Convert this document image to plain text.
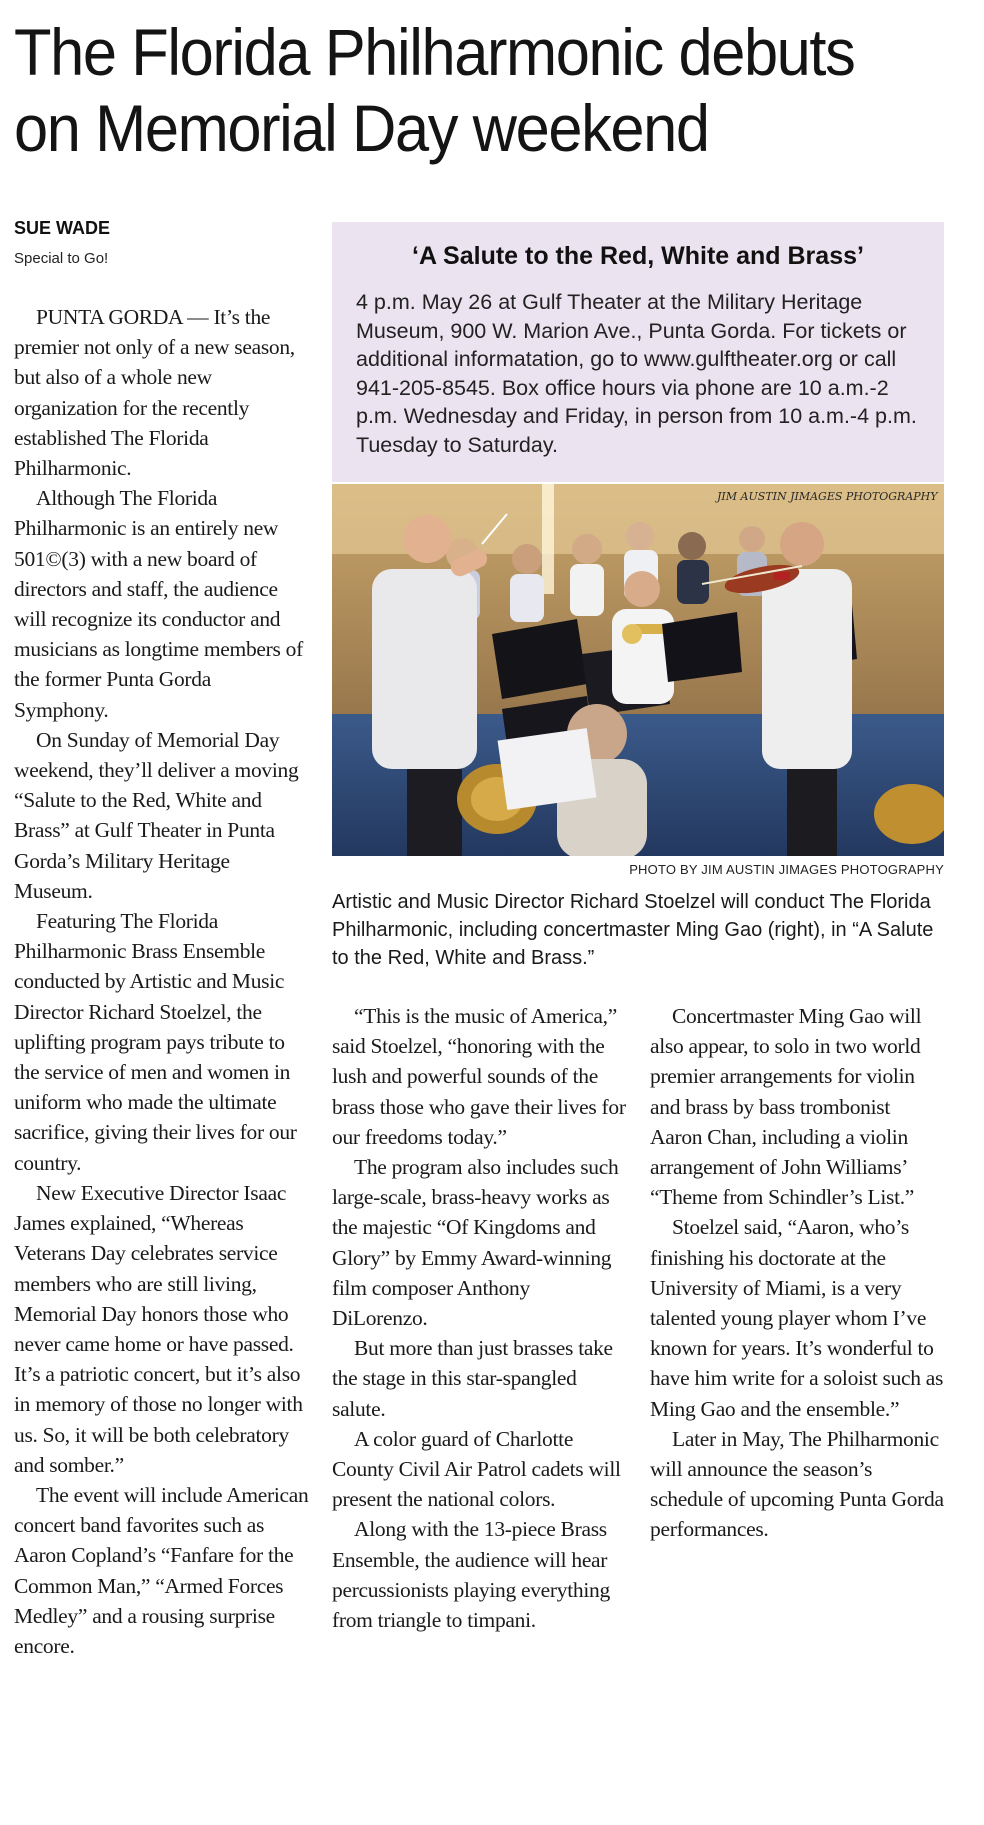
The Florida Philharmonic debuts on Memorial Day weekend
SUE WADE
Special to Go!

PUNTA GORDA — It’s the premier not only of a new season, but also of a whole new organization for the recently established The Florida Philharmonic.

Although The Florida Philharmonic is an entirely new 501©(3) with a new board of directors and staff, the audience will recognize its conductor and musicians as longtime members of the former Punta Gorda Symphony.

On Sunday of Memorial Day weekend, they’ll deliver a moving “Salute to the Red, White and Brass” at Gulf Theater in Punta Gorda’s Military Heritage Museum.

Featuring The Florida Philharmonic Brass Ensemble conducted by Artistic and Music Director Richard Stoelzel, the uplifting program pays tribute to the service of men and women in uniform who made the ultimate sacrifice, giving their lives for our country.

New Executive Director Isaac James explained, “Whereas Veterans Day celebrates service members who are still living, Memorial Day honors those who never came home or have passed. It’s a patriotic concert, but it’s also in memory of those no longer with us. So, it will be both celebratory and somber.”

The event will include American concert band favorites such as Aaron Copland’s “Fanfare for the Common Man,” “Armed Forces Medley” and a rousing surprise encore.

‘A Salute to the Red, White and Brass’
4 p.m. May 26 at Gulf Theater at the Military Heritage Museum, 900 W. Marion Ave., Punta Gorda. For tickets or additional informatation, go to www.gulftheater.org or call 941-205-8545. Box office hours via phone are 10 a.m.-2 p.m. Wednesday and Friday, in person from 10 a.m.-4 p.m. Tuesday to Saturday.
JIM AUSTIN JIMAGES PHOTOGRAPHY
PHOTO BY JIM AUSTIN JIMAGES PHOTOGRAPHY
Artistic and Music Director Richard Stoelzel will conduct The Florida Philharmonic, including concertmaster Ming Gao (right), in “A Salute to the Red, White and Brass.”

“This is the music of America,” said Stoelzel, “honoring with the lush and powerful sounds of the brass those who gave their lives for our freedoms today.”

The program also includes such large-scale, brass-heavy works as the majestic “Of Kingdoms and Glory” by Emmy Award-winning film composer Anthony DiLorenzo.

But more than just brasses take the stage in this star-spangled salute.

A color guard of Charlotte County Civil Air Patrol cadets will present the national colors.

Along with the 13-piece Brass Ensemble, the audience will hear percussionists playing everything from triangle to timpani.

Concertmaster Ming Gao will also appear, to solo in two world premier arrangements for violin and brass by bass trombonist Aaron Chan, including a violin arrangement of John Williams’ “Theme from Schindler’s List.”

Stoelzel said, “Aaron, who’s finishing his doctorate at the University of Miami, is a very talented young player whom I’ve known for years. It’s wonderful to have him write for a soloist such as Ming Gao and the ensemble.”

Later in May, The Philharmonic will announce the season’s schedule of upcoming Punta Gorda performances.
